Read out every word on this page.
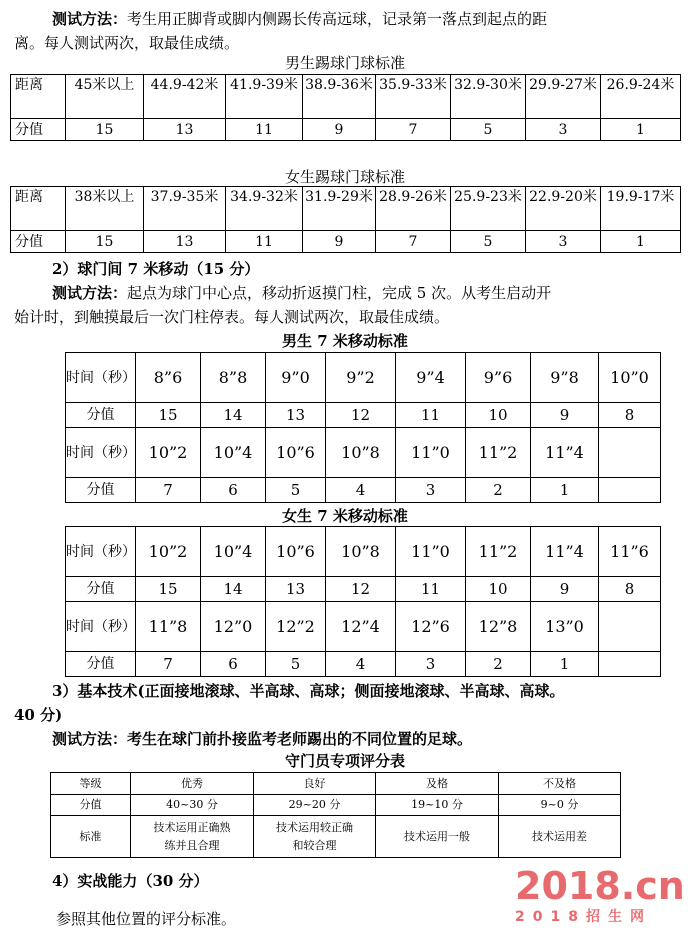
测试方法：考生用正脚背或脚内侧踢长传高远球，记录第一落点到起点的距
离。每人测试两次，取最佳成绩。
男生踢球门球标准
距离	45米以上	44.9-42米	41.9-39米	38.9-36米	35.9-33米	32.9-30米	29.9-27米	26.9-24米
分值	15	13	11	9	7	5	3	1
女生踢球门球标准
距离	38米以上	37.9-35米	34.9-32米	31.9-29米	28.9-26米	25.9-23米	22.9-20米	19.9-17米
分值	15	13	11	9	7	5	3	1
2）球门间 7 米移动（15 分）
测试方法：起点为球门中心点，移动折返摸门柱，完成 5 次。从考生启动开
始计时，到触摸最后一次门柱停表。每人测试两次，取最佳成绩。
男生 7 米移动标准
时间（秒）	8”6	8”8	9”0	9”2	9”4	9”6	9”8	10”0
分值	15	14	13	12	11	10	9	8
时间（秒）	10”2	10”4	10”6	10”8	11”0	11”2	11”4	
分值	7	6	5	4	3	2	1	
女生 7 米移动标准
时间（秒）	10”2	10”4	10”6	10”8	11”0	11”2	11”4	11”6
分值	15	14	13	12	11	10	9	8
时间（秒）	11”8	12”0	12”2	12”4	12”6	12”8	13”0	
分值	7	6	5	4	3	2	1	
3）基本技术(正面接地滚球、半高球、高球；侧面接地滚球、半高球、高球。
40 分)
测试方法：考生在球门前扑接监考老师踢出的不同位置的足球。
守门员专项评分表
等级	优秀	良好	及格	不及格
分值	40~30 分	29~20 分	19~10 分	9~0 分
标准	技术运用正确熟练并且合理	技术运用较正确和较合理	技术运用一般	技术运用差
4）实战能力（30 分）
参照其他位置的评分标准。
2018.cn
2018招生网
